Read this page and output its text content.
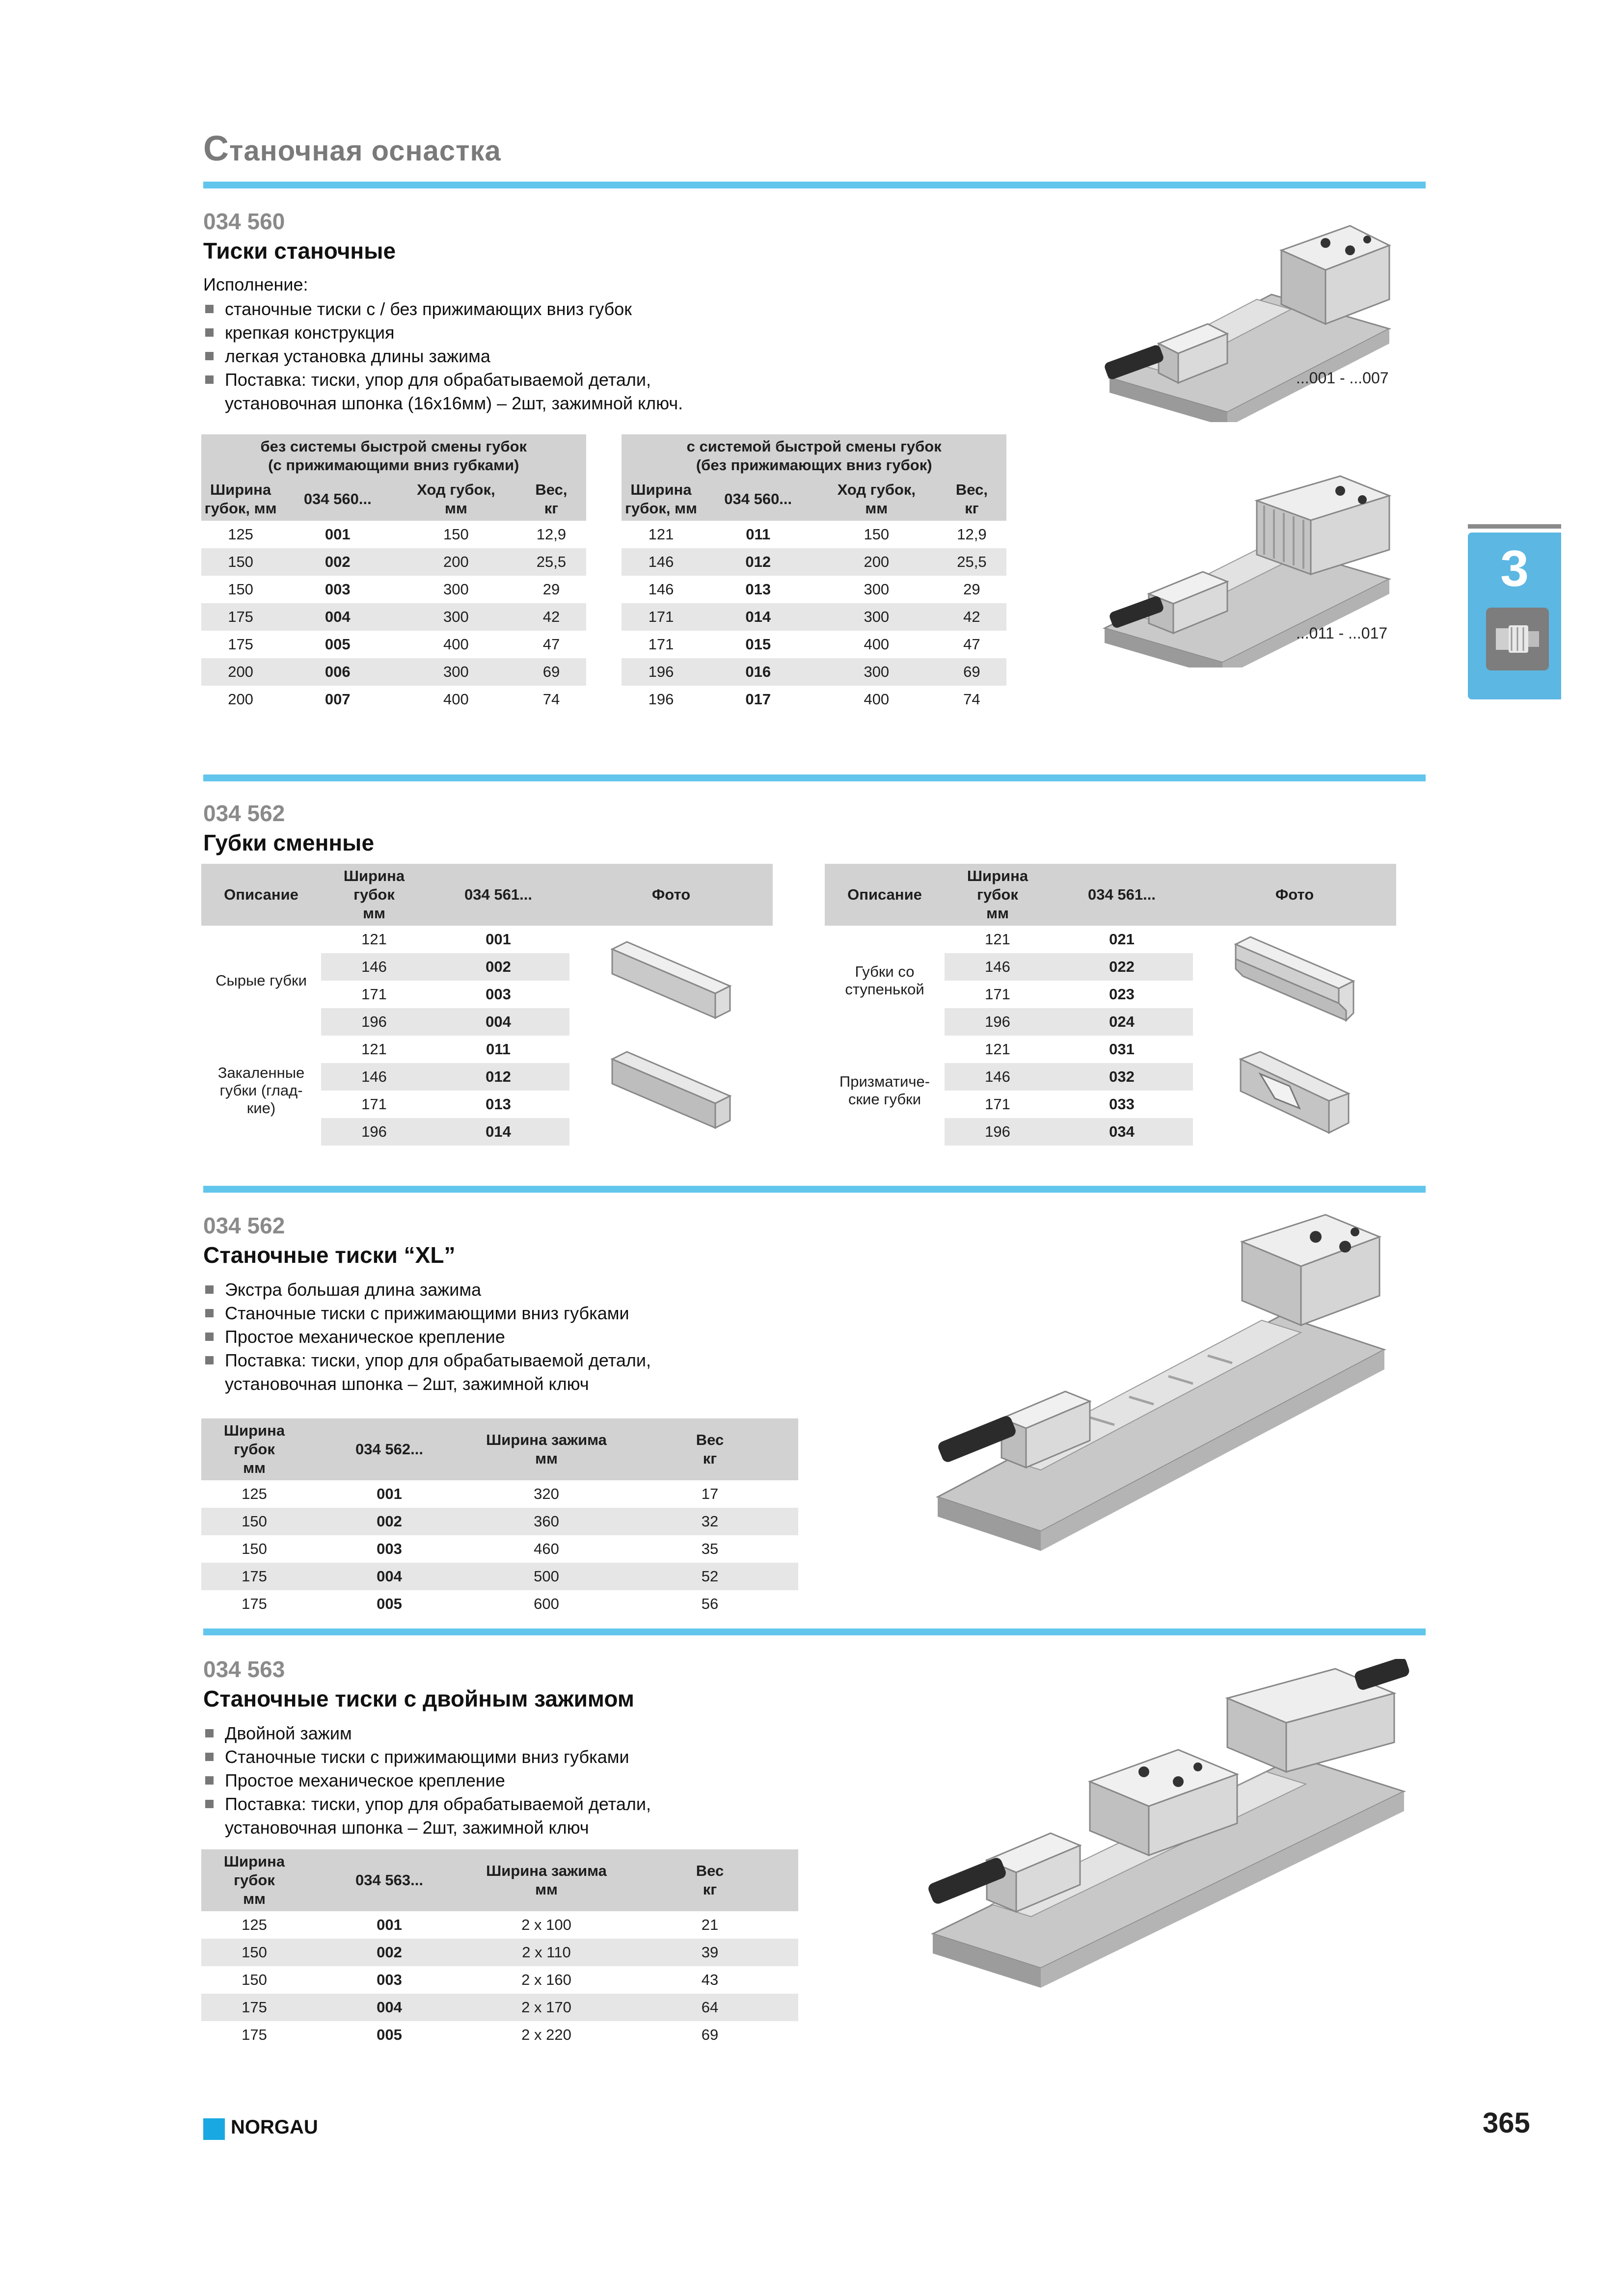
Станочная оснастка
3
034 560
Тиски станочные
Исполнение:
станочные тиски с / без прижимающих вниз губок
крепкая конструкция
легкая установка длины зажима
Поставка: тиски, упор для обрабатываемой детали,
установочная шпонка (16х16мм) – 2шт, зажимной ключ.
без системы быстрой смены губок
(с прижимающими вниз губками)					с системой быстрой смены губок
(без прижимающих вниз губок)			

Ширина
губок, мм	034 560...	Ход губок,
мм	Вес,
кг		Ширина
губок, мм	034 560...	Ход губок,
мм	Вес,
кг

125	001	150	12,9		121	011	150	12,9
150	002	200	25,5		146	012	200	25,5
150	003	300	29		146	013	300	29
175	004	300	42		171	014	300	42
175	005	400	47		171	015	400	47
200	006	300	69		196	016	300	69
200	007	400	74		196	017	400	74
...001 - ...007
...011 - ...017
034 562
Губки сменные
Описание	Ширина губок
мм	034 561...	Фото
Сырые губки	121	001	
	146	002	
	171	003	
	196	004	

Закаленные
губки (глад-
кие)	121	011	
	146	012	
	171	013	
	196	014	
Описание	Ширина губок
мм	034 561...	Фото

Губки со
ступенькой	121	021	
	146	022	
	171	023	
	196	024	

Призматиче-
ские губки	121	031	
	146	032	
	171	033	
	196	034	
034 562
Станочные тиски “XL”
Экстра большая длина зажима
Станочные тиски с прижимающими вниз губками
Простое механическое крепление
Поставка: тиски, упор для обрабатываемой детали,
установочная шпонка – 2шт, зажимной ключ
Ширина губок
мм	034 562...	Ширина зажима
мм	Вес
кг

125	001	320	17
150	002	360	32
150	003	460	35
175	004	500	52
175	005	600	56
034 563
Станочные тиски с двойным зажимом
Двойной зажим
Станочные тиски с прижимающими вниз губками
Простое механическое крепление
Поставка: тиски, упор для обрабатываемой детали,
установочная шпонка – 2шт, зажимной ключ
Ширина губок
мм	034 563...	Ширина зажима
мм	Вес
кг

125	001	2 x 100	21
150	002	2 x 110	39
150	003	2 x 160	43
175	004	2 x 170	64
175	005	2 x 220	69
NORGAU	365
